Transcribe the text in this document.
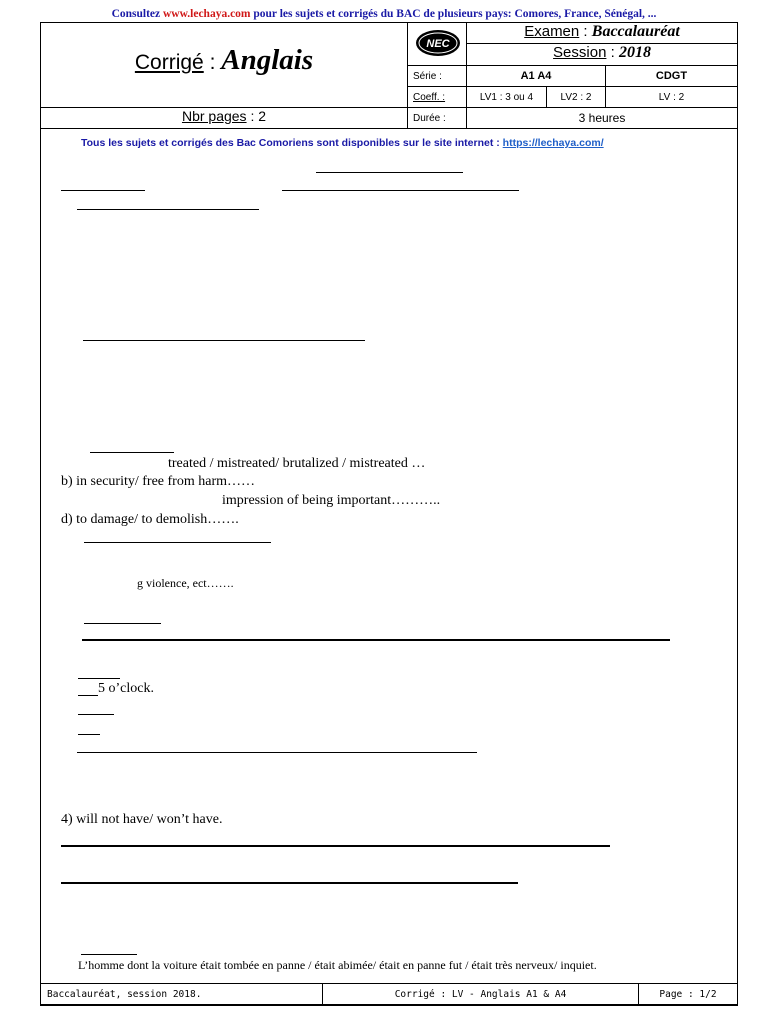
Consultez www.lechaya.com pour les sujets et corrigés du BAC de plusieurs pays: Comores, France, Sénégal, ...
Corrigé : Anglais
Nbr pages : 2
NEC
Examen : Baccalauréat
Session : 2018
Série :	A1 A4	CDGT
Coeff. :	LV1 : 3 ou 4	LV2 : 2	LV : 2
Durée :	3 heures
Tous les sujets et corrigés des Bac Comoriens sont disponibles sur le site internet : https://lechaya.com/
treated / mistreated/ brutalized / mistreated …
b) in security/ free from harm……
impression of being important………..
d) to damage/ to demolish…….
g violence, ect…….
5 o’clock.
4) will not have/ won’t have.
L’homme dont la voiture était tombée en panne / était abimée/ était en panne fut / était très nerveux/ inquiet.
Baccalauréat, session 2018.	Corrigé : LV - Anglais A1 & A4	Page : 1/2
